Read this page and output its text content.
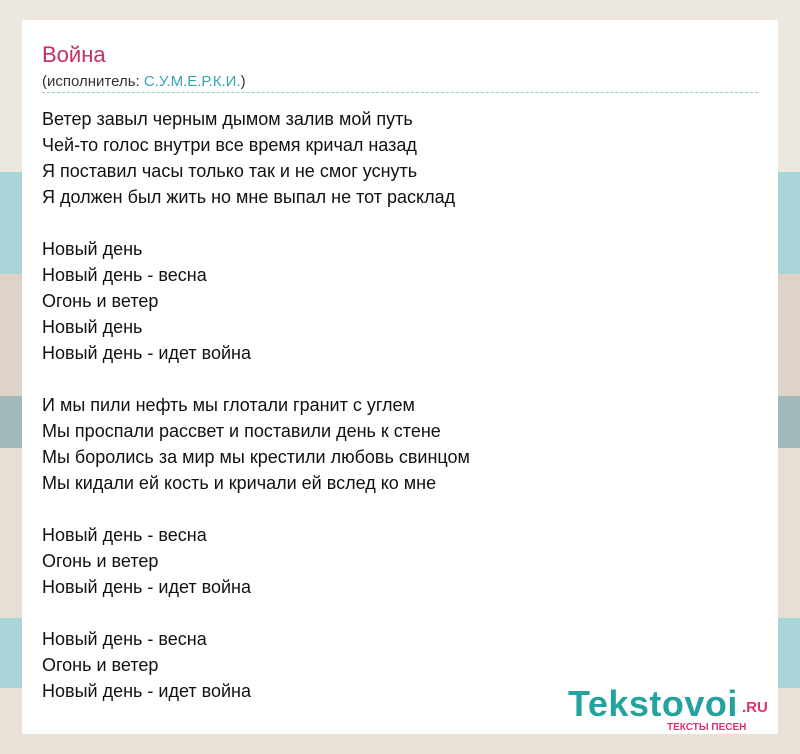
Война
(исполнитель: С.У.М.Е.Р.К.И.)
Ветер завыл черным дымом залив мой путь
Чей-то голос внутри все время кричал назад
Я поставил часы только так и не смог уснуть
Я должен был жить но мне выпал не тот расклад
Новый день
Новый день - весна
Огонь и ветер
Новый день
Новый день - идет война
И мы пили нефть мы глотали гранит с углем
Мы проспали рассвет и поставили день к стене
Мы боролись за мир мы крестили любовь свинцом
Мы кидали ей кость и кричали ей вслед ко мне
Новый день - весна
Огонь и ветер
Новый день - идет война
Новый день - весна
Огонь и ветер
Новый день - идет война	Tekstovoi .RU
ТЕКСТЫ ПЕСЕН
